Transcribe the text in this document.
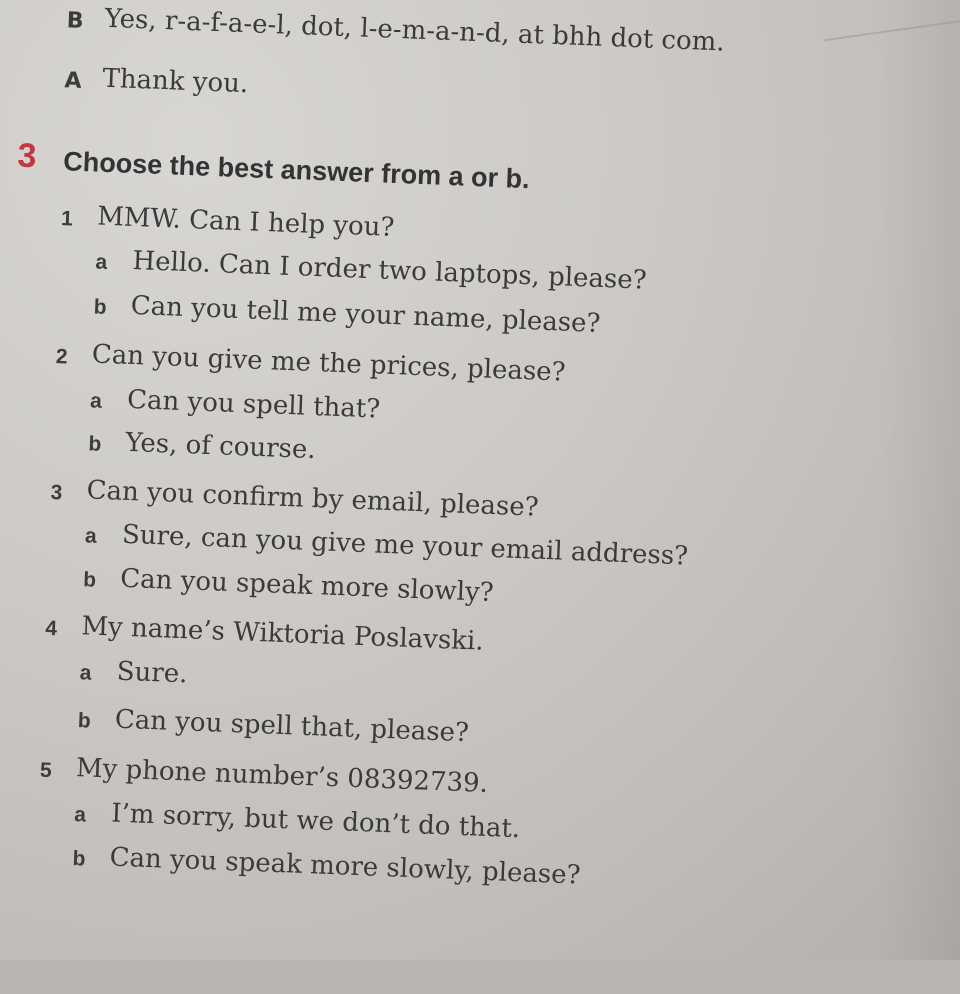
B Yes, r-a-f-a-e-l, dot, l-e-m-a-n-d, at bhh dot com.
A Thank you.
3 Choose the best answer from a or b.
1 MMW. Can I help you?
a Hello. Can I order two laptops, please?
b Can you tell me your name, please?
2 Can you give me the prices, please?
a Can you spell that?
b Yes, of course.
3 Can you confirm by email, please?
a Sure, can you give me your email address?
b Can you speak more slowly?
4 My name’s Wiktoria Poslavski.
a Sure.
b Can you spell that, please?
5 My phone number’s 08392739.
a I’m sorry, but we don’t do that.
b Can you speak more slowly, please?
